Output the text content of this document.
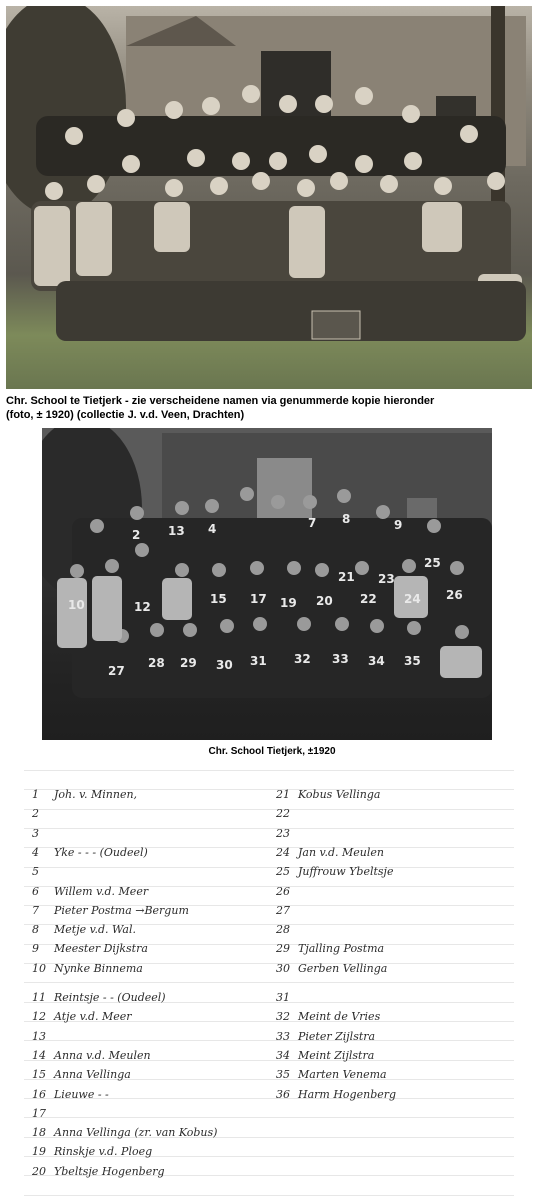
Chr. School te Tietjerk - zie verscheidene namen via genummerde kopie hieronder
(foto, ± 1920) (collectie J. v.d. Veen, Drachten)
2 13 4	7 8	9
25
10	12
15 17 19 20
21
22
23
24 26
27
28 29 30 31 32 33 34 35
Chr. School Tietjerk, ±1920
1 Joh. v. Minnen,
2
3
4 Yke - - - (Oudeel)
5
6 Willem v.d. Meer
7 Pieter Postma →Bergum
8 Metje v.d. Wal.
9 Meester Dijkstra
10 Nynke Binnema
11 Reintsje - - (Oudeel)
12 Atje v.d. Meer
13
14 Anna v.d. Meulen
15 Anna Vellinga
16 Lieuwe - -
17
18 Anna Vellinga (zr. van Kobus)
19 Rinskje v.d. Ploeg
20 Ybeltsje Hogenberg
21 Kobus Vellinga
22
23
24 Jan v.d. Meulen
25 Juffrouw Ybeltsje
26
27
28
29 Tjalling Postma
30 Gerben Vellinga
31
32 Meint de Vries
33 Pieter Zijlstra
34 Meint Zijlstra
35 Marten Venema
36 Harm Hogenberg
